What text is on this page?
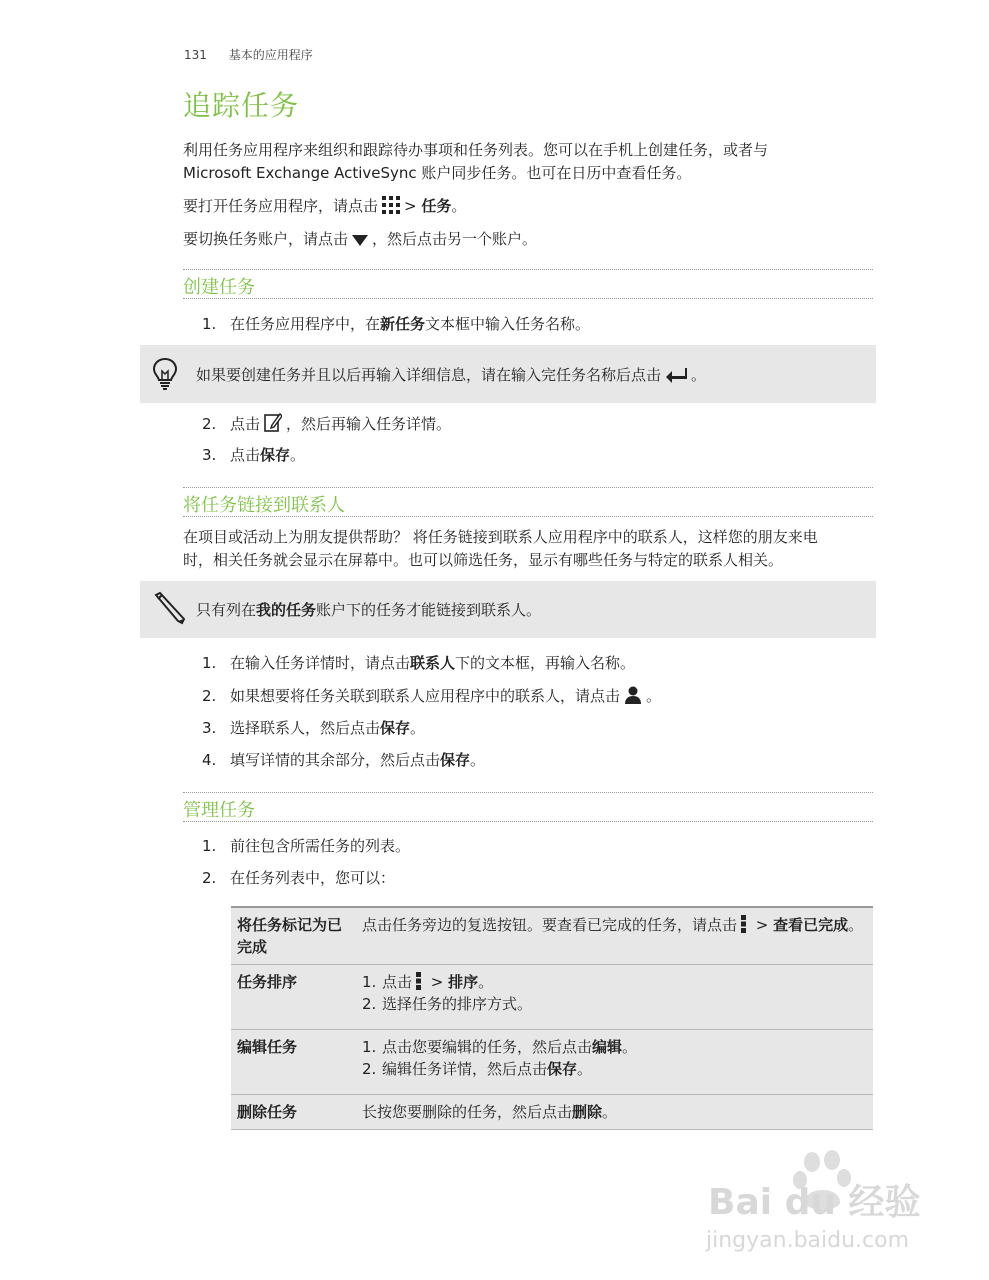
131 基本的应用程序
追踪任务

利用任务应用程序来组织和跟踪待办事项和任务列表。您可以在手机上创建任务，或者与
Microsoft Exchange ActiveSync 账户同步任务。也可在日历中查看任务。

要打开任务应用程序，请点击 > 任务。

要切换任务账户，请点击 ，然后点击另一个账户。

创建任务
1. 在任务应用程序中，在新任务文本框中输入任务名称。
如果要创建任务并且以后再输入详细信息，请在输入完任务名称后点击 。
2. 点击 ，然后再输入任务详情。
3. 点击保存。
将任务链接到联系人

在项目或活动上为朋友提供帮助？ 将任务链接到联系人应用程序中的联系人，这样您的朋友来电
时，相关任务就会显示在屏幕中。也可以筛选任务，显示有哪些任务与特定的联系人相关。

只有列在我的任务账户下的任务才能链接到联系人。
1. 在输入任务详情时，请点击联系人下的文本框，再输入名称。
2. 如果想要将任务关联到联系人应用程序中的联系人，请点击 。
3. 选择联系人，然后点击保存。
4. 填写详情的其余部分，然后点击保存。
管理任务
1. 前往包含所需任务的列表。
2. 在任务列表中，您可以：
将任务标记为已完成	点击任务旁边的复选按钮。要查看已完成的任务，请点击 > 查看已完成。
任务排序	1. 点击 > 排序。
2. 选择任务的排序方式。

编辑任务	1. 点击您要编辑的任务，然后点击编辑。
2. 编辑任务详情，然后点击保存。

删除任务	长按您要删除的任务，然后点击删除。
Bai du 经验
jingyan.baidu.com
